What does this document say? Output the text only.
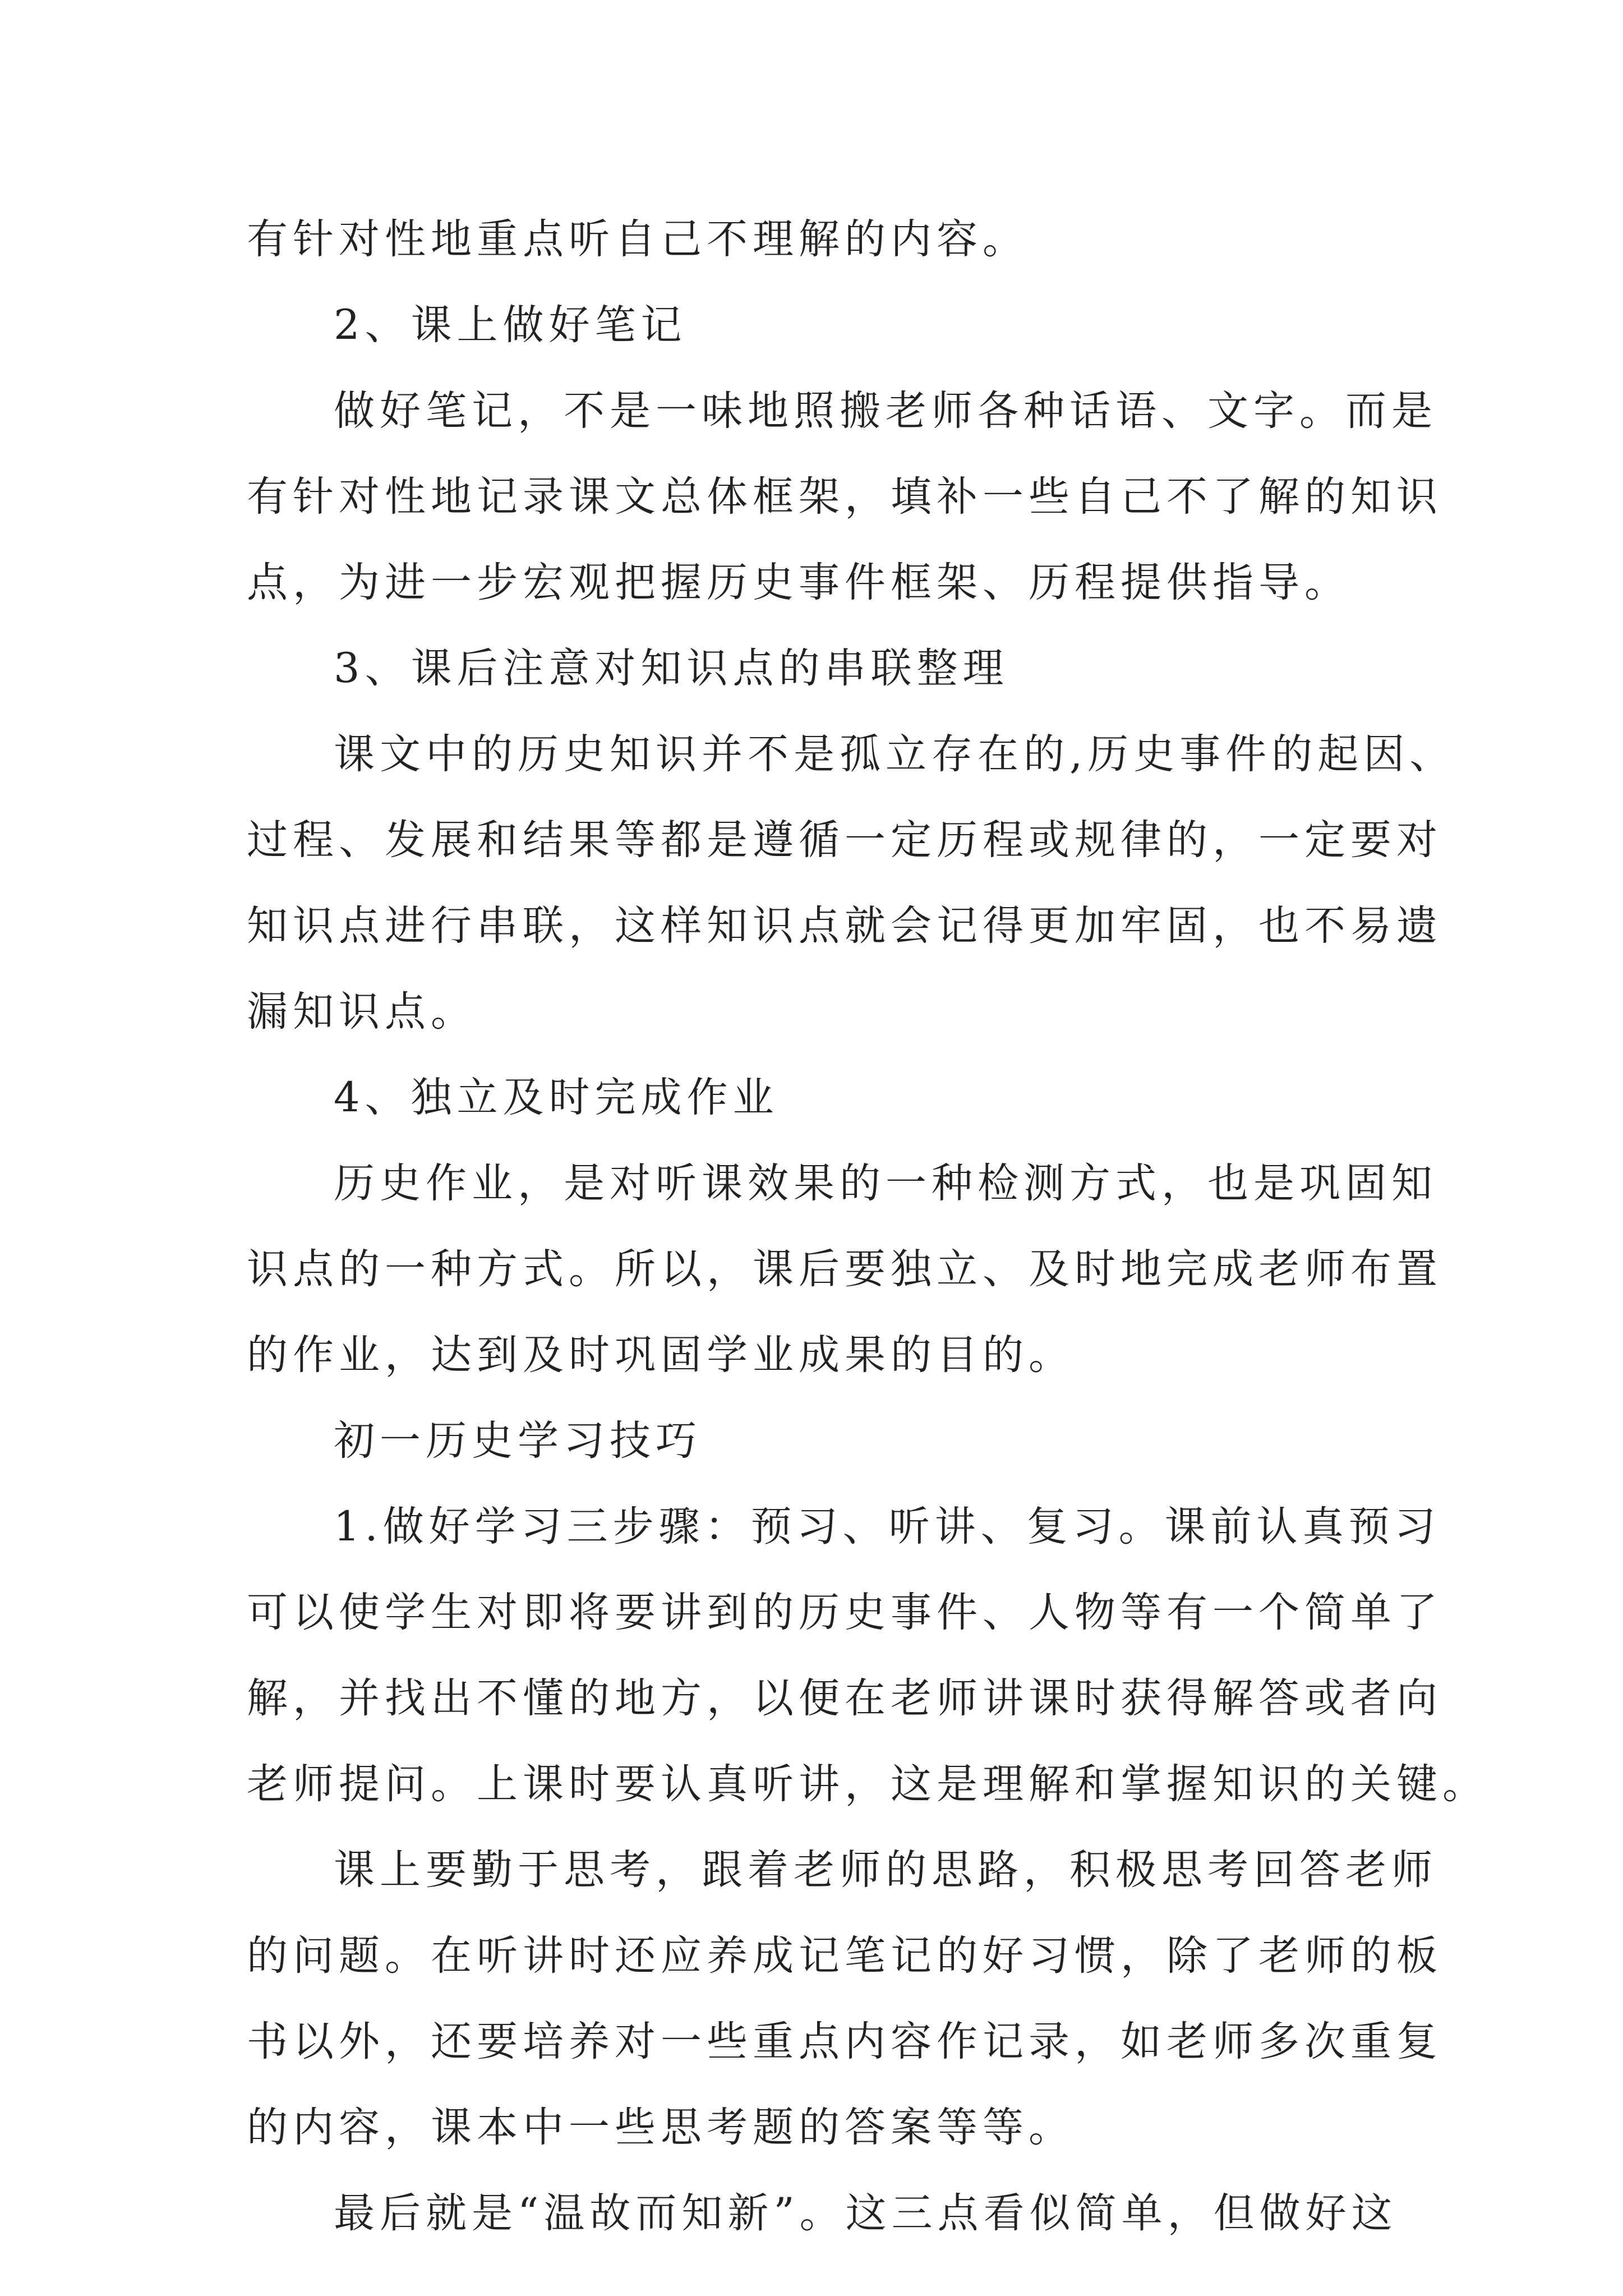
有针对性地重点听自己不理解的内容。
2、课上做好笔记
做好笔记，不是一味地照搬老师各种话语、文字。而是
有针对性地记录课文总体框架，填补一些自己不了解的知识
点，为进一步宏观把握历史事件框架、历程提供指导。
3、课后注意对知识点的串联整理
课文中的历史知识并不是孤立存在的,历史事件的起因、
过程、发展和结果等都是遵循一定历程或规律的，一定要对
知识点进行串联，这样知识点就会记得更加牢固，也不易遗
漏知识点。
4、独立及时完成作业
历史作业，是对听课效果的一种检测方式，也是巩固知
识点的一种方式。所以，课后要独立、及时地完成老师布置
的作业，达到及时巩固学业成果的目的。
初一历史学习技巧
1.做好学习三步骤：预习、听讲、复习。课前认真预习
可以使学生对即将要讲到的历史事件、人物等有一个简单了
解，并找出不懂的地方，以便在老师讲课时获得解答或者向
老师提问。上课时要认真听讲，这是理解和掌握知识的关键。
课上要勤于思考，跟着老师的思路，积极思考回答老师
的问题。在听讲时还应养成记笔记的好习惯，除了老师的板
书以外，还要培养对一些重点内容作记录，如老师多次重复
的内容，课本中一些思考题的答案等等。
最后就是“温故而知新”。这三点看似简单，但做好这
